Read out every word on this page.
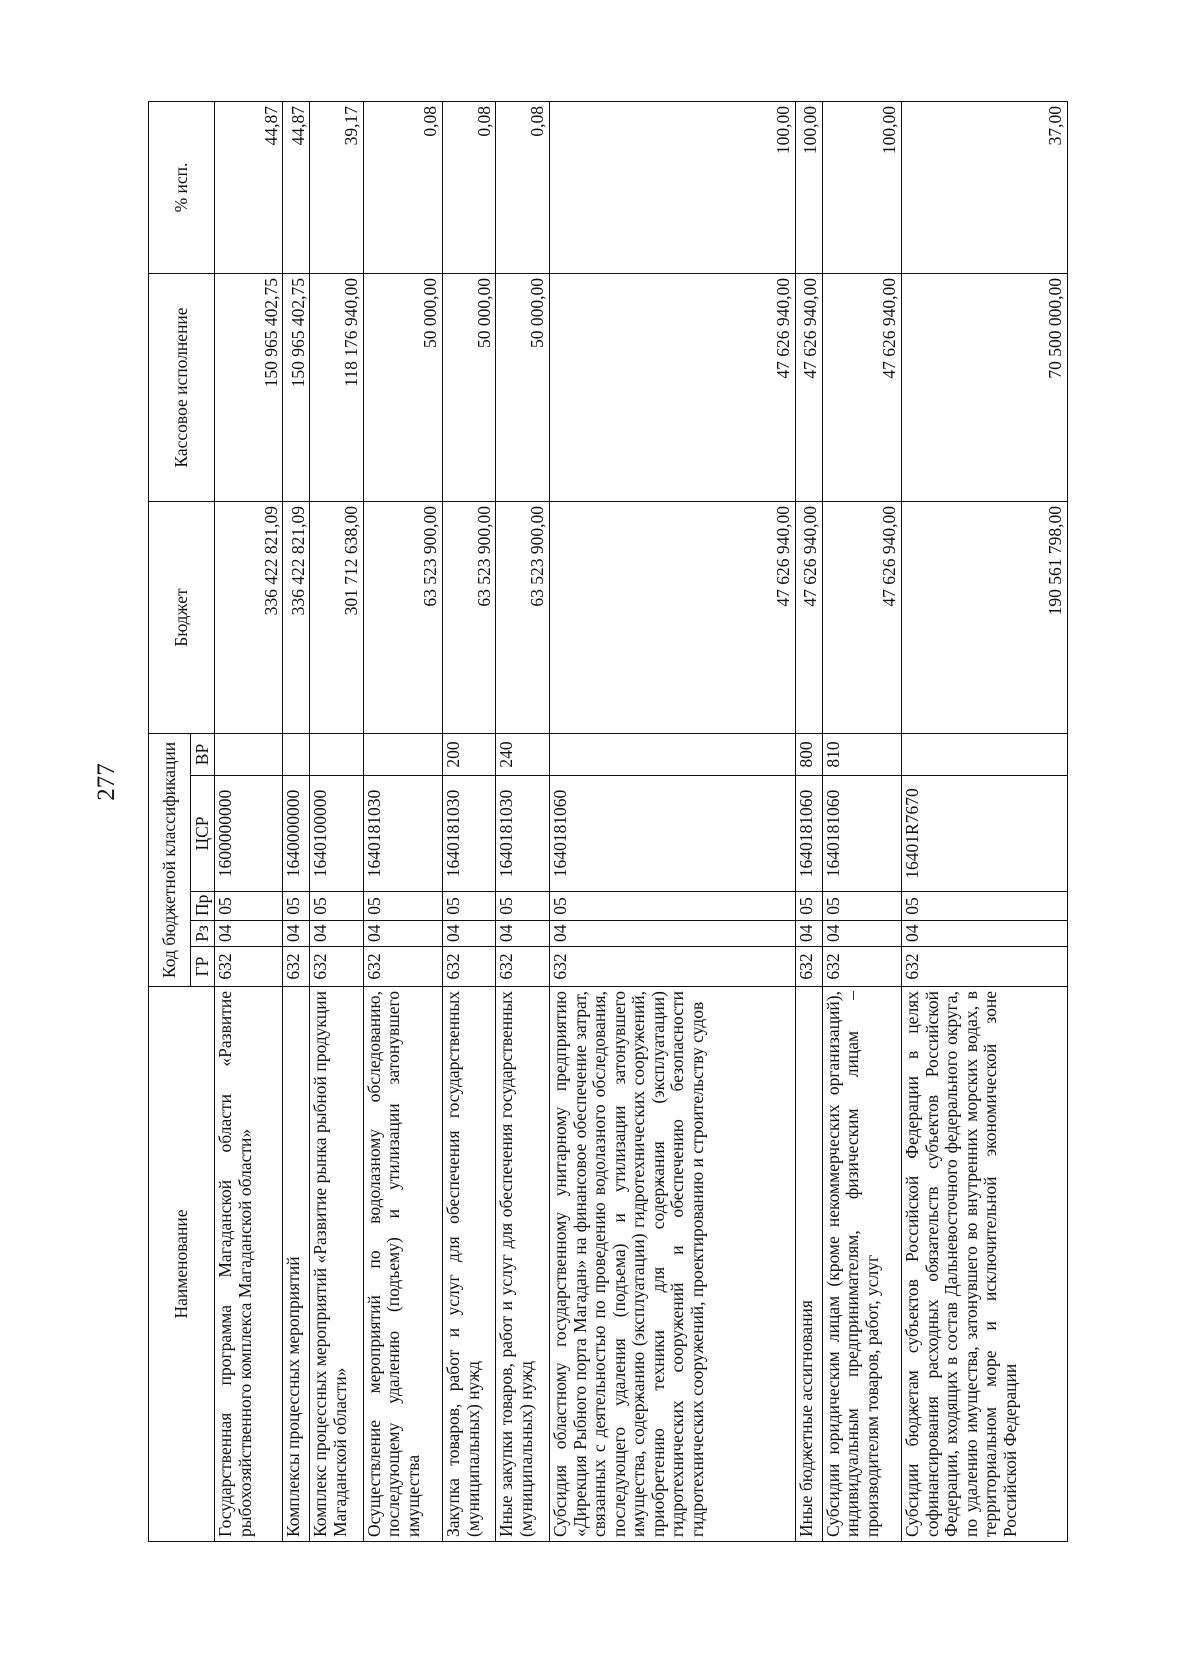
277
Наименование	Код бюджетной классификации					Бюджет	Кассовое исполнение	% исп.
	ГР	Рз	Пр	ЦСР	ВР			
Государственная программа Магаданской области «Развитие рыбохозяйственного комплекса Магаданской области»	632	04	05	1600000000		336 422 821,09	150 965 402,75	44,87
Комплексы процессных мероприятий	632	04	05	1640000000		336 422 821,09	150 965 402,75	44,87
Комплекс процессных мероприятий «Развитие рынка рыбной продукции Магаданской области»	632	04	05	1640100000		301 712 638,00	118 176 940,00	39,17
Осуществление мероприятий по водолазному обследованию, последующему удалению (подъему) и утилизации затонувшего имущества	632	04	05	1640181030		63 523 900,00	50 000,00	0,08
Закупка товаров, работ и услуг для обеспечения государственных (муниципальных) нужд	632	04	05	1640181030	200	63 523 900,00	50 000,00	0,08
Иные закупки товаров, работ и услуг для обеспечения государственных (муниципальных) нужд	632	04	05	1640181030	240	63 523 900,00	50 000,00	0,08
Субсидия областному государственному унитарному предприятию «Дирекция Рыбного порта Магадан» на финансовое обеспечение затрат, связанных с деятельностью по проведению водолазного обследования, последующего удаления (подъема) и утилизации затонувшего имущества, содержанию (эксплуатации) гидротехнических сооружений, приобретению техники для содержания (эксплуатации) гидротехнических сооружений и обеспечению безопасности гидротехнических сооружений, проектированию и строительству судов	632	04	05	1640181060		47 626 940,00	47 626 940,00	100,00
Иные бюджетные ассигнования	632	04	05	1640181060	800	47 626 940,00	47 626 940,00	100,00
Субсидии юридическим лицам (кроме некоммерческих организаций), индивидуальным предпринимателям, физическим лицам – производителям товаров, работ, услуг	632	04	05	1640181060	810	47 626 940,00	47 626 940,00	100,00
Субсидии бюджетам субъектов Российской Федерации в целях софинансирования расходных обязательств субъектов Российской Федерации, входящих в состав Дальневосточного федерального округа, по удалению имущества, затонувшего во внутренних морских водах, в территориальном море и исключительной экономической зоне Российской Федерации	632	04	05	16401R7670		190 561 798,00	70 500 000,00	37,00
